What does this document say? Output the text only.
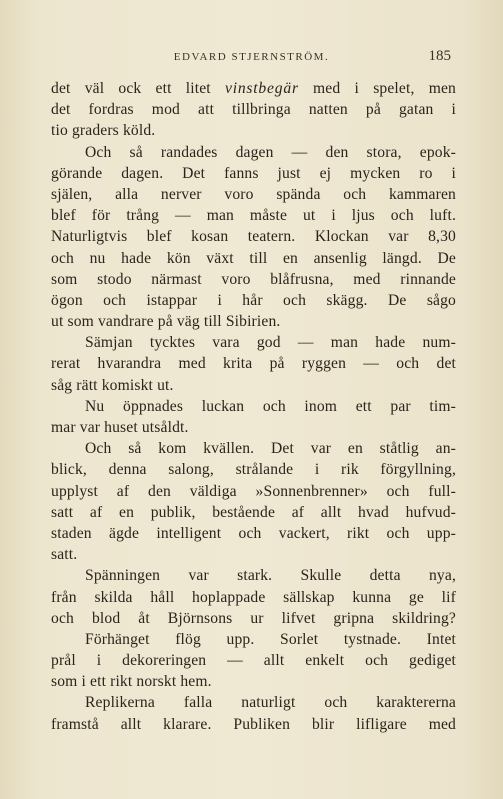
EDVARD STJERNSTRÖM.	185
det väl ock ett litet vinstbegär med i spelet, men
det fordras mod att tillbringa natten på gatan i
tio graders köld.
Och så randades dagen — den stora, epok-
görande dagen. Det fanns just ej mycken ro i
själen, alla nerver voro spända och kammaren
blef för trång — man måste ut i ljus och luft.
Naturligtvis blef kosan teatern. Klockan var 8,30
och nu hade kön växt till en ansenlig längd. De
som stodo närmast voro blåfrusna, med rinnande
ögon och istappar i hår och skägg. De sågo
ut som vandrare på väg till Sibirien.
Sämjan tycktes vara god — man hade num-
rerat hvarandra med krita på ryggen — och det
såg rätt komiskt ut.
Nu öppnades luckan och inom ett par tim-
mar var huset utsåldt.
Och så kom kvällen. Det var en ståtlig an-
blick, denna salong, strålande i rik förgyllning,
upplyst af den väldiga »Sonnenbrenner» och full-
satt af en publik, bestående af allt hvad hufvud-
staden ägde intelligent och vackert, rikt och upp-
satt.
Spänningen var stark. Skulle detta nya,
från skilda håll hoplappade sällskap kunna ge lif
och blod åt Björnsons ur lifvet gripna skildring?
Förhänget flög upp. Sorlet tystnade. Intet
prål i dekoreringen — allt enkelt och gediget
som i ett rikt norskt hem.
Replikerna falla naturligt och karaktererna
framstå allt klarare. Publiken blir lifligare med
